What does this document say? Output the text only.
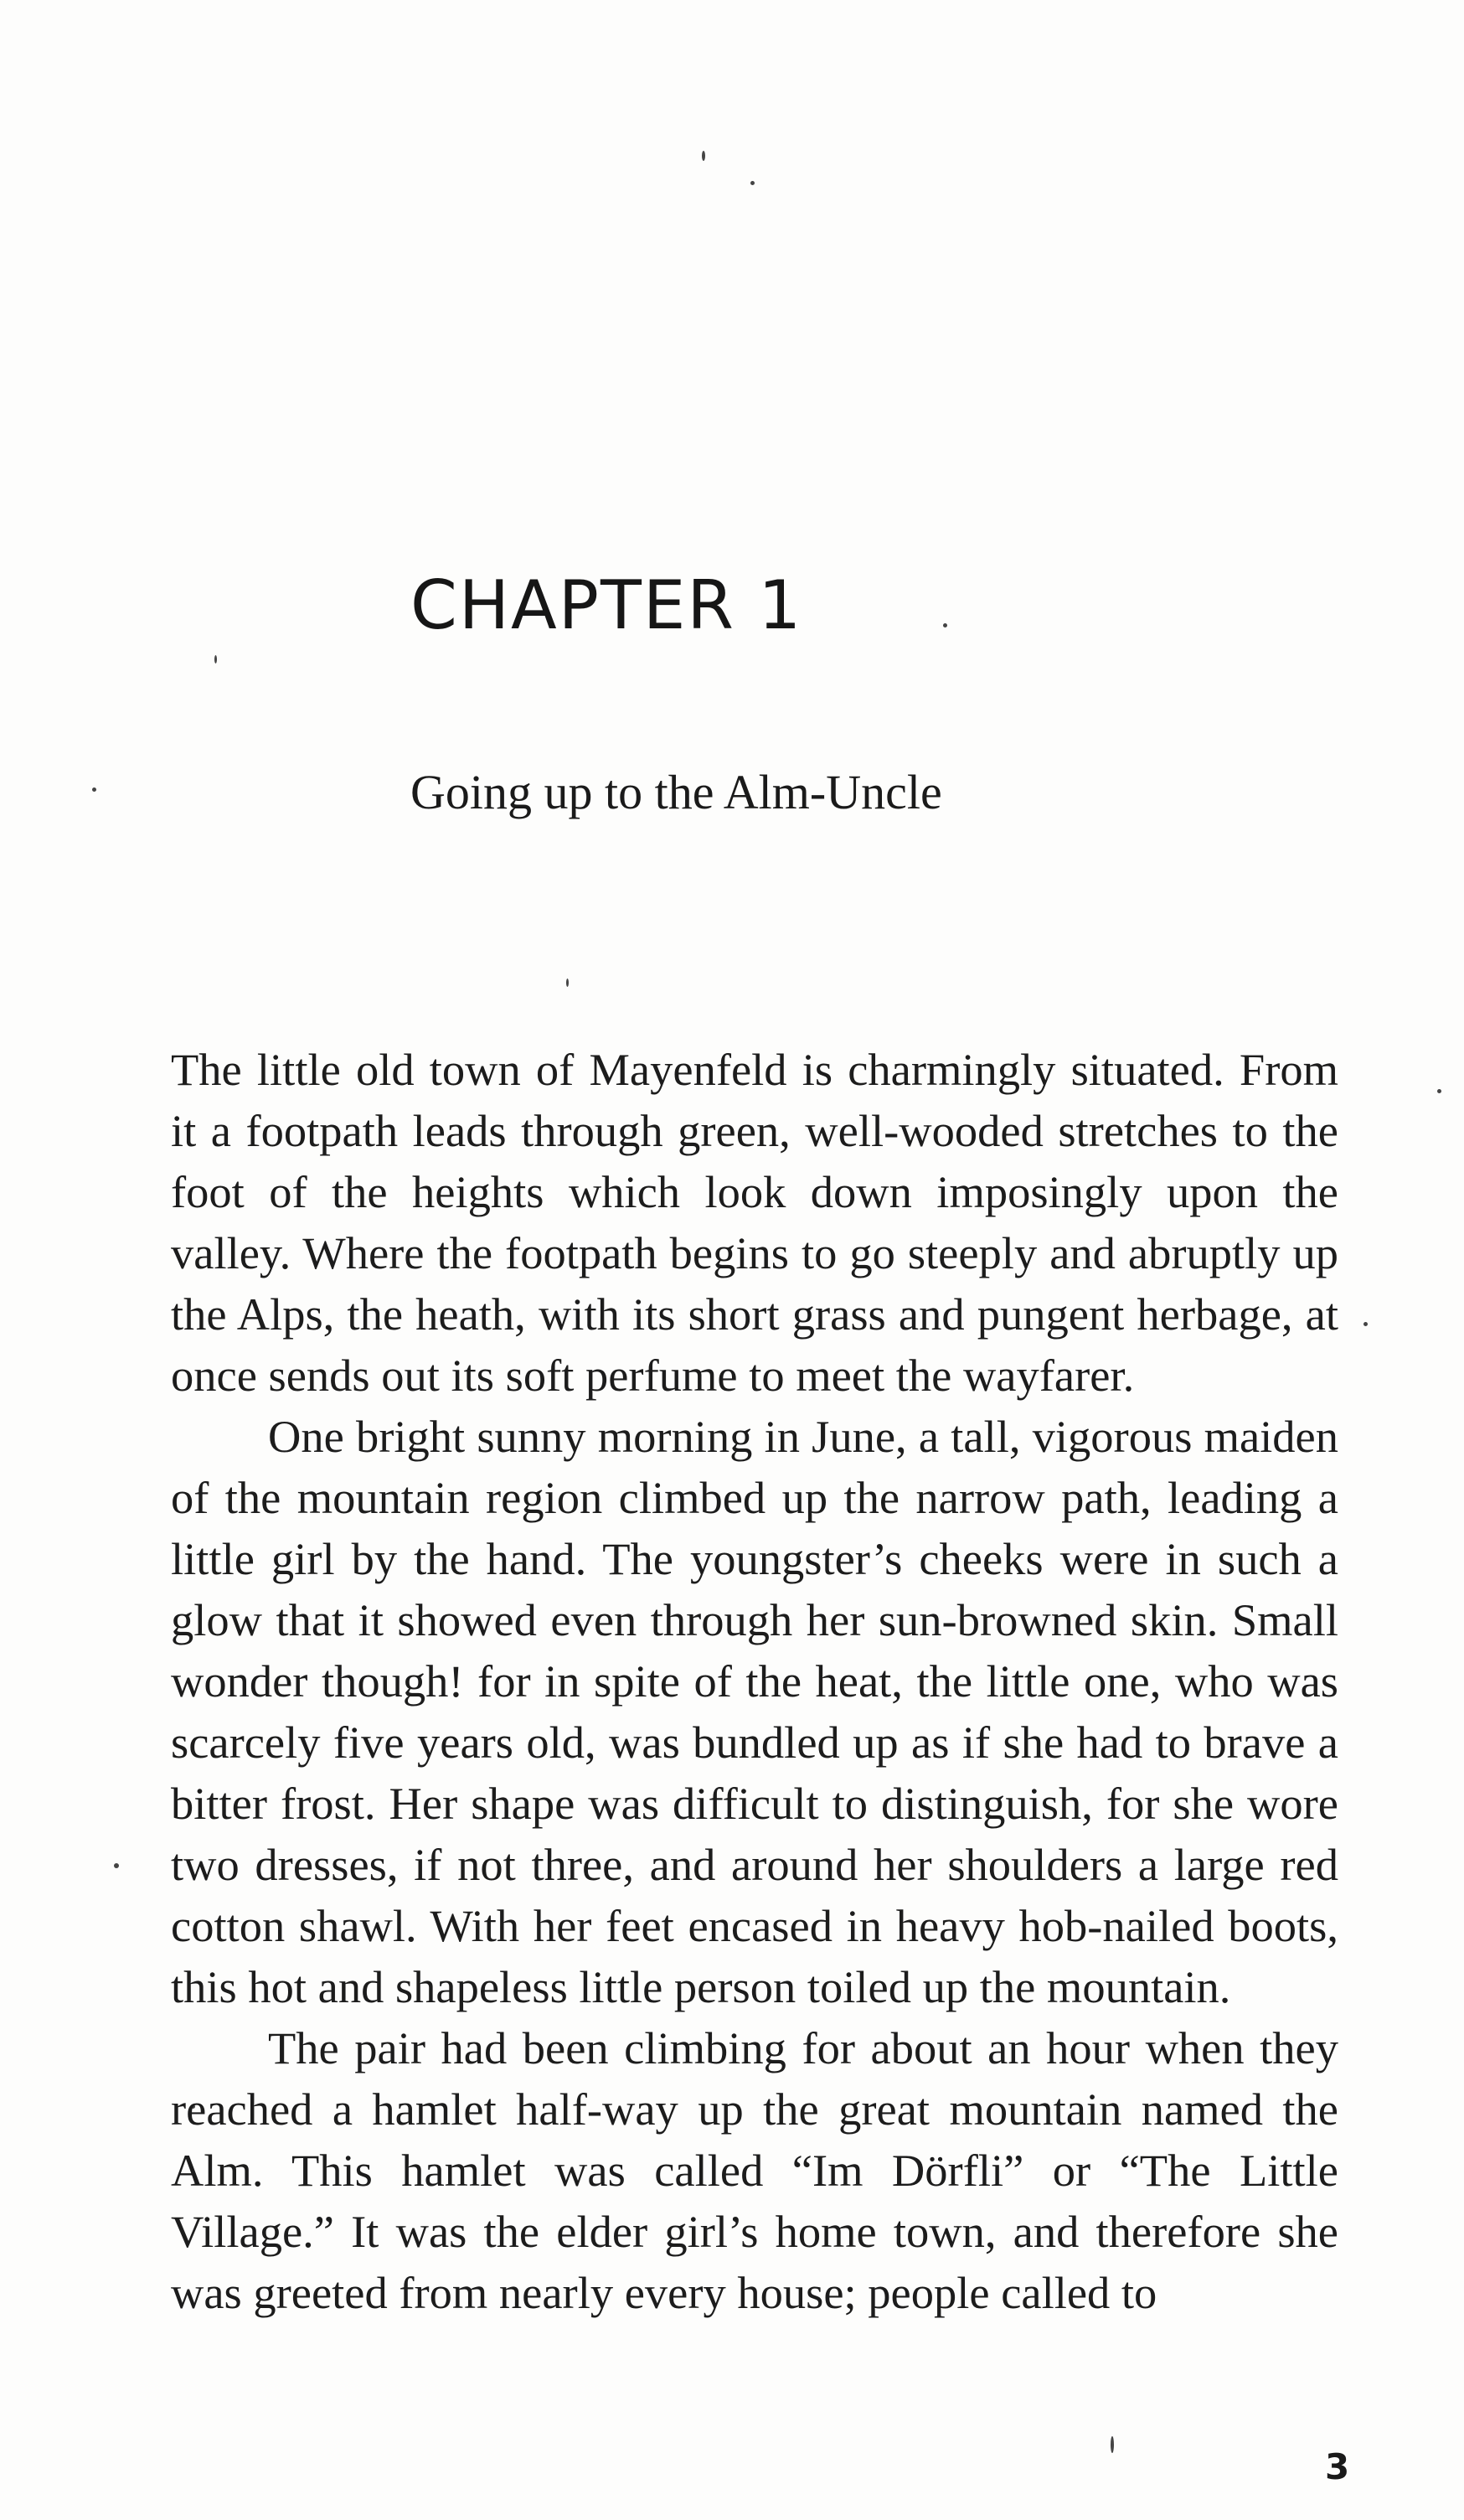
CHAPTER 1
Going up to the Alm-Uncle

The little old town of Mayenfeld is charmingly situated. From it a footpath leads through green, well-wooded stretches to the foot of the heights which look down imposingly upon the valley. Where the footpath begins to go steeply and abruptly up the Alps, the heath, with its short grass and pungent herbage, at once sends out its soft perfume to meet the wayfarer.

One bright sunny morning in June, a tall, vigorous maiden of the mountain region climbed up the narrow path, leading a little girl by the hand. The youngster’s cheeks were in such a glow that it showed even through her sun-browned skin. Small wonder though! for in spite of the heat, the little one, who was scarcely five years old, was bundled up as if she had to brave a bitter frost. Her shape was difficult to distinguish, for she wore two dresses, if not three, and around her shoulders a large red cotton shawl. With her feet encased in heavy hob-nailed boots, this hot and shapeless little person toiled up the mountain.

The pair had been climbing for about an hour when they reached a hamlet half-way up the great mountain named the Alm. This hamlet was called “Im Dörfli” or “The Little Village.” It was the elder girl’s home town, and therefore she was greeted from nearly every house; people called to

3
